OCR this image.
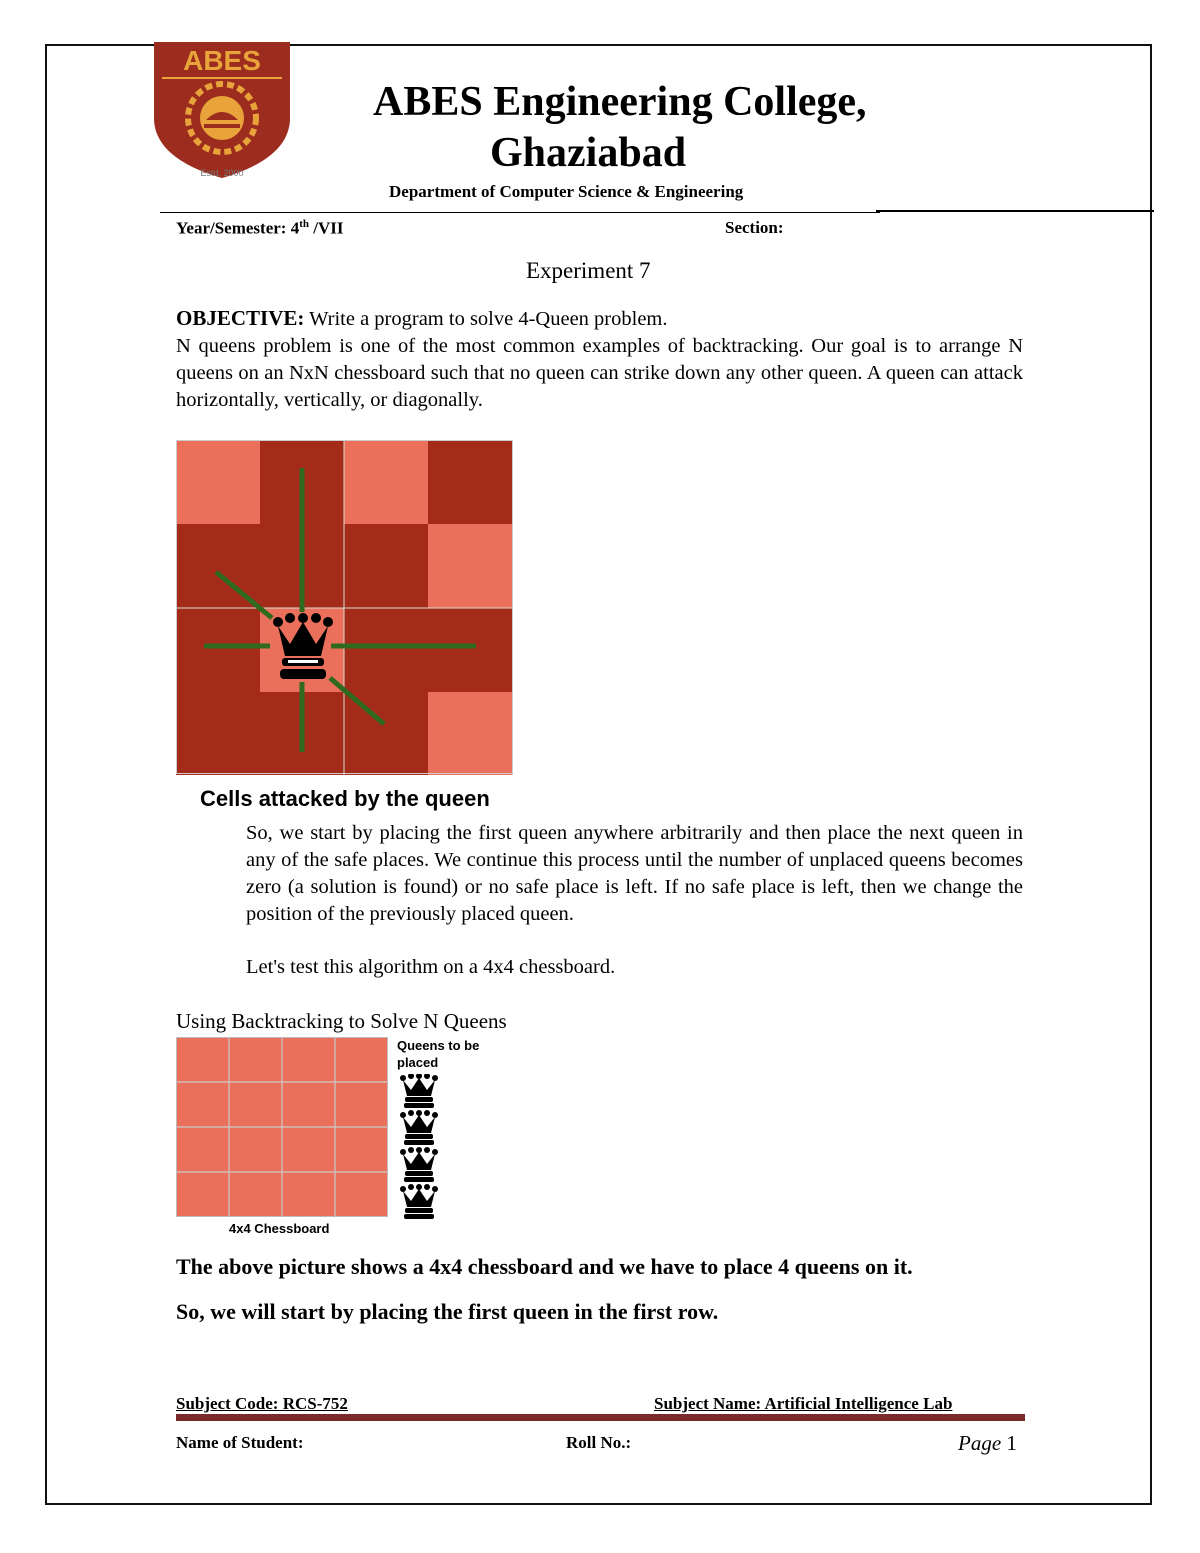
ABES
Estd. 2000
ABES Engineering College,
Ghaziabad
Department of Computer Science & Engineering
Year/Semester: 4th /VII	Section:
Experiment 7
OBJECTIVE: Write a program to solve 4-Queen problem.
N queens problem is one of the most common examples of backtracking. Our goal is to arrange N queens on an NxN chessboard such that no queen can strike down any other queen. A queen can attack horizontally, vertically, or diagonally.
Cells attacked by the queen
So, we start by placing the first queen anywhere arbitrarily and then place the next queen in any of the safe places. We continue this process until the number of unplaced queens becomes zero (a solution is found) or no safe place is left. If no safe place is left, then we change the position of the previously placed queen.
Let's test this algorithm on a 4x4 chessboard.
Using Backtracking to Solve N Queens
4x4 Chessboard
Queens to be placed
The above picture shows a 4x4 chessboard and we have to place 4 queens on it.
So, we will start by placing the first queen in the first row.
Subject Code: RCS-752	Subject Name: Artificial Intelligence Lab
Name of Student:	Roll No.:	Page 1
